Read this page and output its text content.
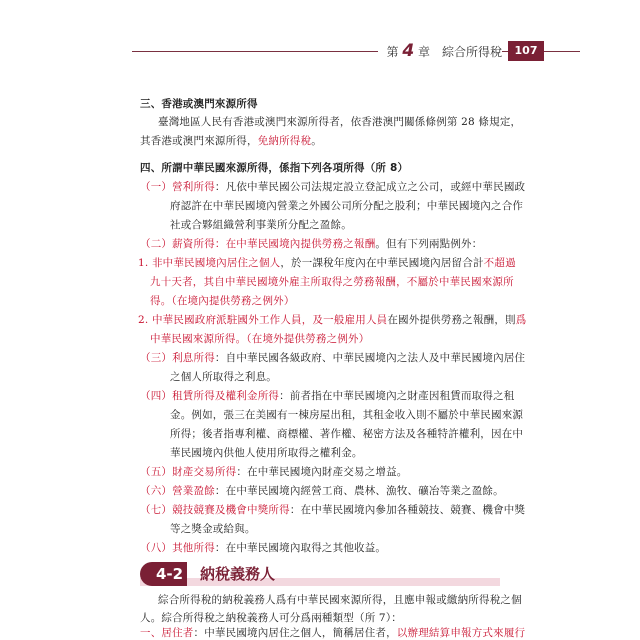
第 4 章　綜合所得稅	107
三、香港或澳門來源所得
臺灣地區人民有香港或澳門來源所得者，依香港澳門關係條例第 28 條規定，
其香港或澳門來源所得，免納所得稅。
四、所謂中華民國來源所得，係指下列各項所得（所 8）
（一）營利所得：凡依中華民國公司法規定設立登記成立之公司，或經中華民國政
府認許在中華民國境內營業之外國公司所分配之股利；中華民國境內之合作
社或合夥組織營利事業所分配之盈餘。
（二）薪資所得：在中華民國境內提供勞務之報酬。但有下列兩點例外：
1. 非中華民國境內居住之個人，於一課稅年度內在中華民國境內居留合計不超過
九十天者，其自中華民國境外雇主所取得之勞務報酬，不屬於中華民國來源所
得。（在境內提供勞務之例外）
2. 中華民國政府派駐國外工作人員，及一般雇用人員在國外提供勞務之報酬，則爲
中華民國來源所得。（在境外提供勞務之例外）
（三）利息所得：自中華民國各級政府、中華民國境內之法人及中華民國境內居住
之個人所取得之利息。
（四）租賃所得及權利金所得：前者指在中華民國境內之財產因租賃而取得之租
金。例如，張三在美國有一棟房屋出租，其租金收入則不屬於中華民國來源
所得；後者指專利權、商標權、著作權、秘密方法及各種特許權利，因在中
華民國境內供他人使用所取得之權利金。
（五）財產交易所得：在中華民國境內財產交易之增益。
（六）營業盈餘：在中華民國境內經營工商、農林、漁牧、礦冶等業之盈餘。
（七）競技競賽及機會中獎所得：在中華民國境內參加各種競技、競賽、機會中獎
等之獎金或給與。
（八）其他所得：在中華民國境內取得之其他收益。
4-2 納稅義務人
綜合所得稅的納稅義務人爲有中華民國來源所得，且應申報或繳納所得稅之個
人。綜合所得稅之納稅義務人可分爲兩種類型（所 7）：
一、居住者：中華民國境內居住之個人，簡稱居住者，以辦理結算申報方式來履行
